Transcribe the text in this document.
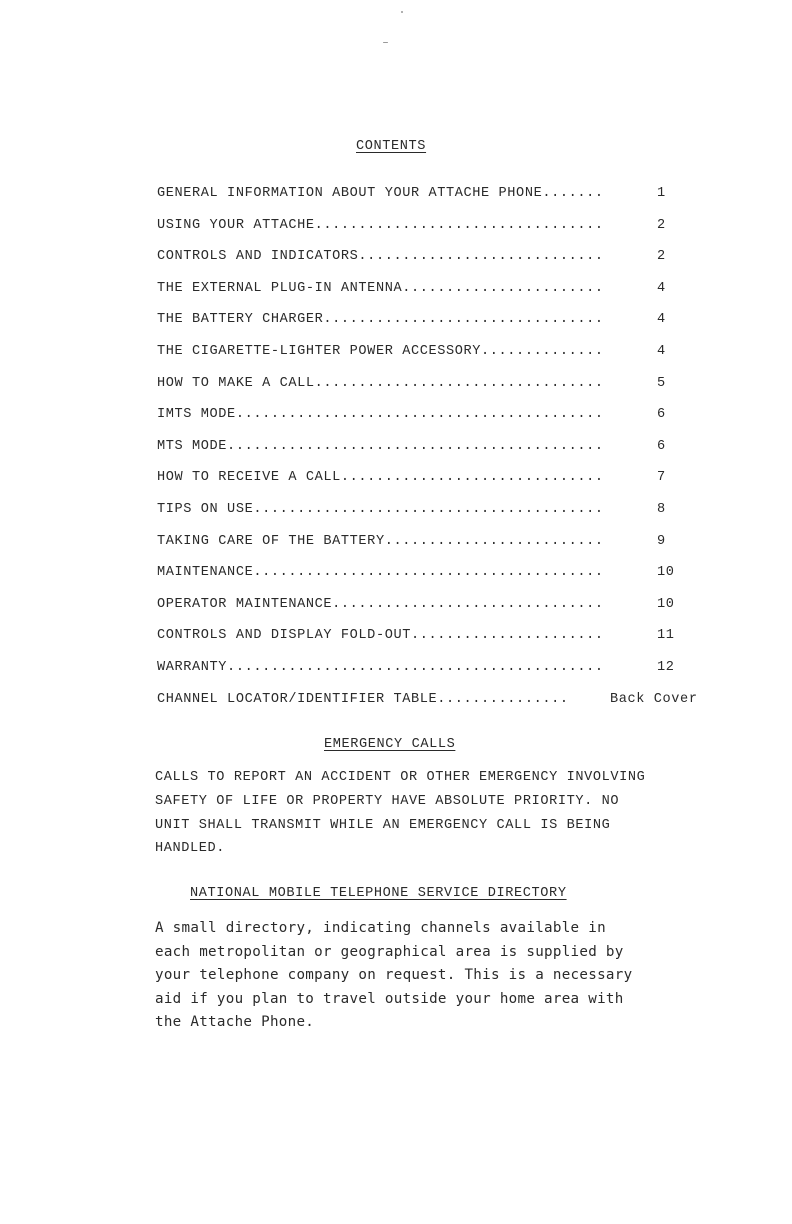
CONTENTS
GENERAL INFORMATION ABOUT YOUR ATTACHE PHONE.......	1
USING YOUR ATTACHE.................................	2
CONTROLS AND INDICATORS............................	2
THE EXTERNAL PLUG-IN ANTENNA.......................	4
THE BATTERY CHARGER................................	4
THE CIGARETTE-LIGHTER POWER ACCESSORY..............	4
HOW TO MAKE A CALL.................................	5
IMTS MODE..........................................	6
MTS MODE...........................................	6
HOW TO RECEIVE A CALL..............................	7
TIPS ON USE........................................	8
TAKING CARE OF THE BATTERY.........................	9
MAINTENANCE........................................	10
OPERATOR MAINTENANCE...............................	10
CONTROLS AND DISPLAY FOLD-OUT......................	11
WARRANTY...........................................	12
CHANNEL LOCATOR/IDENTIFIER TABLE...............	Back Cover
EMERGENCY CALLS
CALLS TO REPORT AN ACCIDENT OR OTHER EMERGENCY INVOLVING
SAFETY OF LIFE OR PROPERTY HAVE ABSOLUTE PRIORITY. NO
UNIT SHALL TRANSMIT WHILE AN EMERGENCY CALL IS BEING
HANDLED.
NATIONAL MOBILE TELEPHONE SERVICE DIRECTORY
A small directory, indicating channels available in
each metropolitan or geographical area is supplied by
your telephone company on request. This is a necessary
aid if you plan to travel outside your home area with
the Attache Phone.
